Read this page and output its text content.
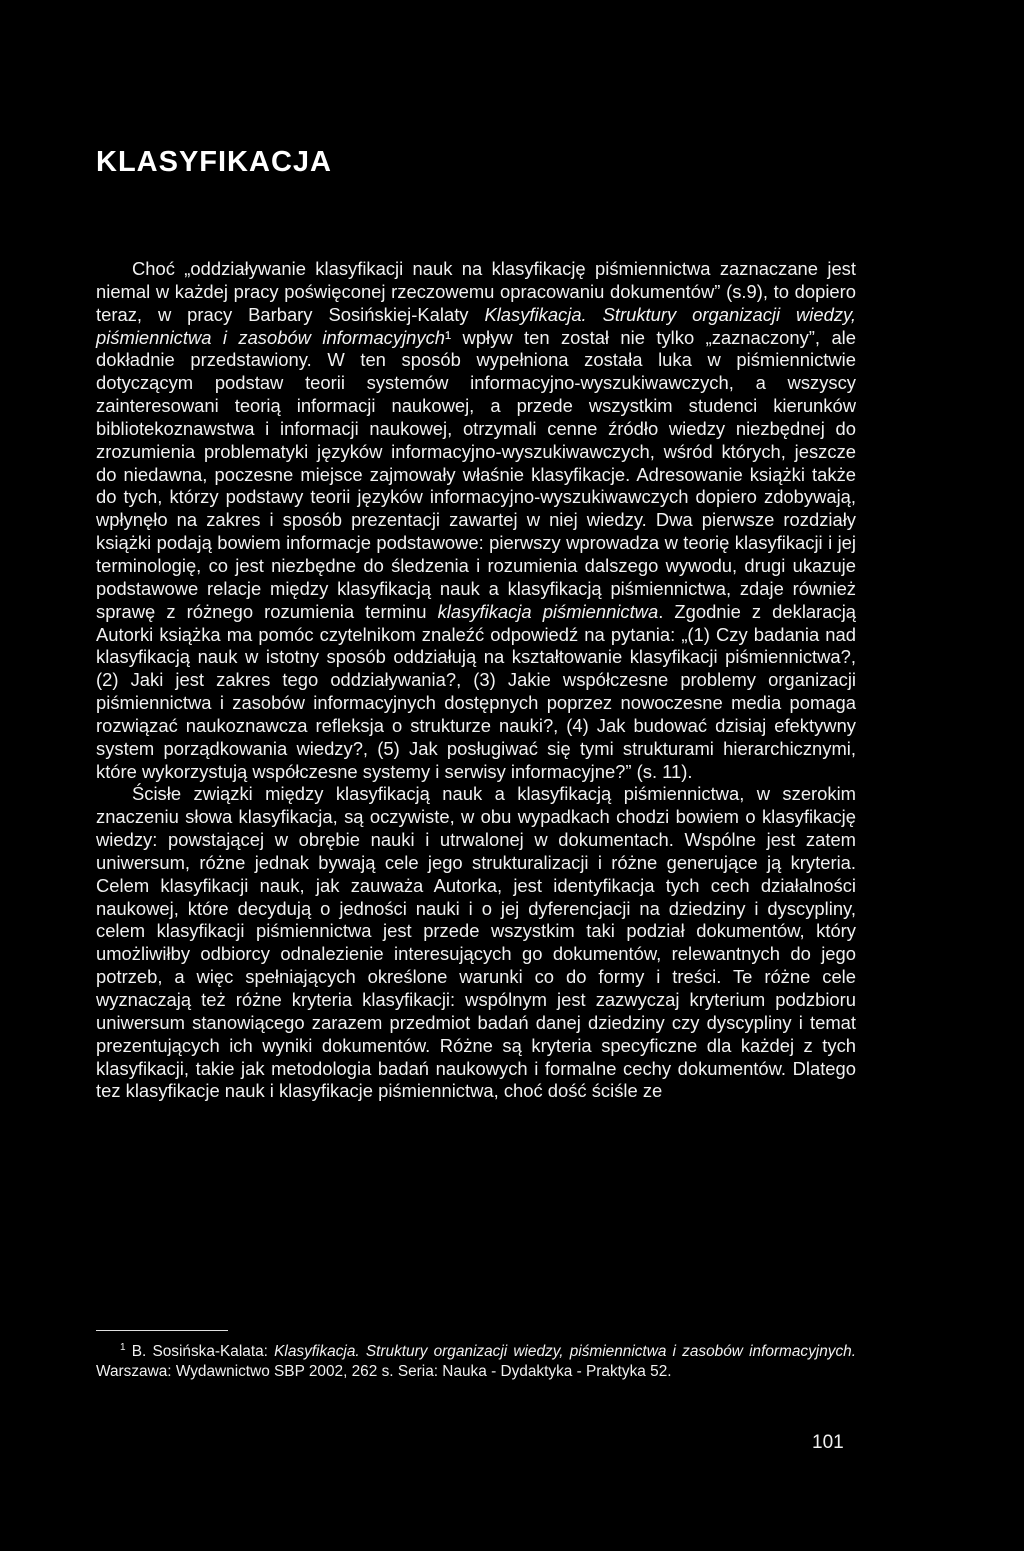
KLASYFIKACJA

Choć „oddziaływanie klasyfikacji nauk na klasyfikację piśmiennictwa zaznaczane jest niemal w każdej pracy poświęconej rzeczowemu opracowaniu dokumentów” (s.9), to dopiero teraz, w pracy Barbary Sosińskiej-Kalaty Klasyfikacja. Struktury organizacji wiedzy, piśmiennictwa i zasobów informacyjnych¹ wpływ ten został nie tylko „zaznaczony”, ale dokładnie przedstawiony. W ten sposób wypełniona została luka w piśmiennictwie dotyczącym podstaw teorii systemów informacyjno-wyszukiwawczych, a wszyscy zainteresowani teorią informacji naukowej, a przede wszystkim studenci kierunków bibliotekoznawstwa i informacji naukowej, otrzymali cenne źródło wiedzy niezbędnej do zrozumienia problematyki języków informacyjno-wyszukiwawczych, wśród których, jeszcze do niedawna, poczesne miejsce zajmowały właśnie klasyfikacje. Adresowanie książki także do tych, którzy podstawy teorii języków informacyjno-wyszukiwawczych dopiero zdobywają, wpłynęło na zakres i sposób prezentacji zawartej w niej wiedzy. Dwa pierwsze rozdziały książki podają bowiem informacje podstawowe: pierwszy wprowadza w teorię klasyfikacji i jej terminologię, co jest niezbędne do śledzenia i rozumienia dalszego wywodu, drugi ukazuje podstawowe relacje między klasyfikacją nauk a klasyfikacją piśmiennictwa, zdaje również sprawę z różnego rozumienia terminu klasyfikacja piśmiennictwa. Zgodnie z deklaracją Autorki książka ma pomóc czytelnikom znaleźć odpowiedź na pytania: „(1) Czy badania nad klasyfikacją nauk w istotny sposób oddziałują na kształtowanie klasyfikacji piśmiennictwa?, (2) Jaki jest zakres tego oddziaływania?, (3) Jakie współczesne problemy organizacji piśmiennictwa i zasobów informacyjnych dostępnych poprzez nowoczesne media pomaga rozwiązać naukoznawcza refleksja o strukturze nauki?, (4) Jak budować dzisiaj efektywny system porządkowania wiedzy?, (5) Jak posługiwać się tymi strukturami hierarchicznymi, które wykorzystują współczesne systemy i serwisy informacyjne?” (s. 11).

Ścisłe związki między klasyfikacją nauk a klasyfikacją piśmiennictwa, w szerokim znaczeniu słowa klasyfikacja, są oczywiste, w obu wypadkach chodzi bowiem o klasyfikację wiedzy: powstającej w obrębie nauki i utrwalonej w dokumentach. Wspólne jest zatem uniwersum, różne jednak bywają cele jego strukturalizacji i różne generujące ją kryteria. Celem klasyfikacji nauk, jak zauważa Autorka, jest identyfikacja tych cech działalności naukowej, które decydują o jedności nauki i o jej dyferencjacji na dziedziny i dyscypliny, celem klasyfikacji piśmiennictwa jest przede wszystkim taki podział dokumentów, który umożliwiłby odbiorcy odnalezienie interesujących go dokumentów, relewantnych do jego potrzeb, a więc spełniających określone warunki co do formy i treści. Te różne cele wyznaczają też różne kryteria klasyfikacji: wspólnym jest zazwyczaj kryterium podzbioru uniwersum stanowiącego zarazem przedmiot badań danej dziedziny czy dyscypliny i temat prezentujących ich wyniki dokumentów. Różne są kryteria specyficzne dla każdej z tych klasyfikacji, takie jak metodologia badań naukowych i formalne cechy dokumentów. Dlatego tez klasyfikacje nauk i klasyfikacje piśmiennictwa, choć dość ściśle ze

$^1$ B. Sosińska-Kalata: Klasyfikacja. Struktury organizacji wiedzy, piśmiennictwa i zasobów informacyjnych. Warszawa: Wydawnictwo SBP 2002, 262 s. Seria: Nauka - Dydaktyka - Praktyka 52.

101
